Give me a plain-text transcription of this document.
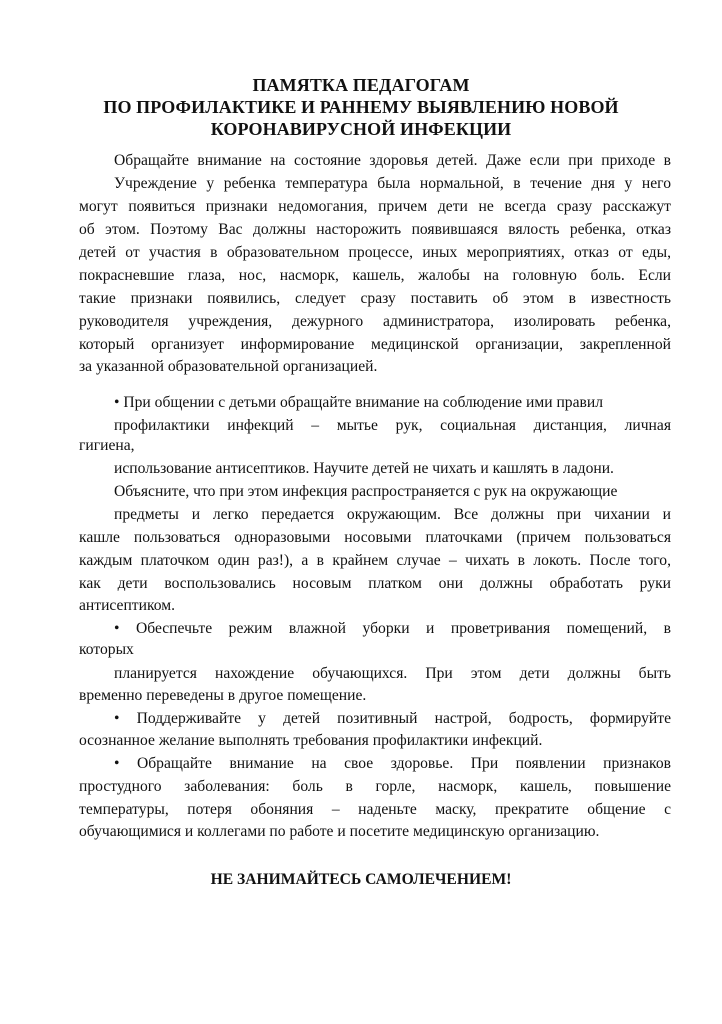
ПАМЯТКА ПЕДАГОГАМ
ПО ПРОФИЛАКТИКЕ И РАННЕМУ ВЫЯВЛЕНИЮ НОВОЙ
КОРОНАВИРУСНОЙ ИНФЕКЦИИ
Обращайте внимание на состояние здоровья детей. Даже если при приходе в
Учреждение у ребенка температура была нормальной, в течение дня у него
могут появиться признаки недомогания, причем дети не всегда сразу расскажут
об этом. Поэтому Вас должны насторожить появившаяся вялость ребенка, отказ
детей от участия в образовательном процессе, иных мероприятиях, отказ от еды,
покрасневшие глаза, нос, насморк, кашель, жалобы на головную боль. Если
такие признаки появились, следует сразу поставить об этом в известность
руководителя учреждения, дежурного администратора, изолировать ребенка,
который организует информирование медицинской организации, закрепленной
за указанной образовательной организацией.
• При общении с детьми обращайте внимание на соблюдение ими правил
профилактики инфекций – мытье рук, социальная дистанция, личная
гигиена,
использование антисептиков. Научите детей не чихать и кашлять в ладони.
Объясните, что при этом инфекция распространяется с рук на окружающие
предметы и легко передается окружающим. Все должны при чихании и
кашле пользоваться одноразовыми носовыми платочками (причем пользоваться
каждым платочком один раз!), а в крайнем случае – чихать в локоть. После того,
как дети воспользовались носовым платком они должны обработать руки
антисептиком.
• Обеспечьте режим влажной уборки и проветривания помещений, в
которых
планируется нахождение обучающихся. При этом дети должны быть
временно переведены в другое помещение.
• Поддерживайте у детей позитивный настрой, бодрость, формируйте
осознанное желание выполнять требования профилактики инфекций.
• Обращайте внимание на свое здоровье. При появлении признаков
простудного заболевания: боль в горле, насморк, кашель, повышение
температуры, потеря обоняния – наденьте маску, прекратите общение с
обучающимися и коллегами по работе и посетите медицинскую организацию.
НЕ ЗАНИМАЙТЕСЬ САМОЛЕЧЕНИЕМ!
